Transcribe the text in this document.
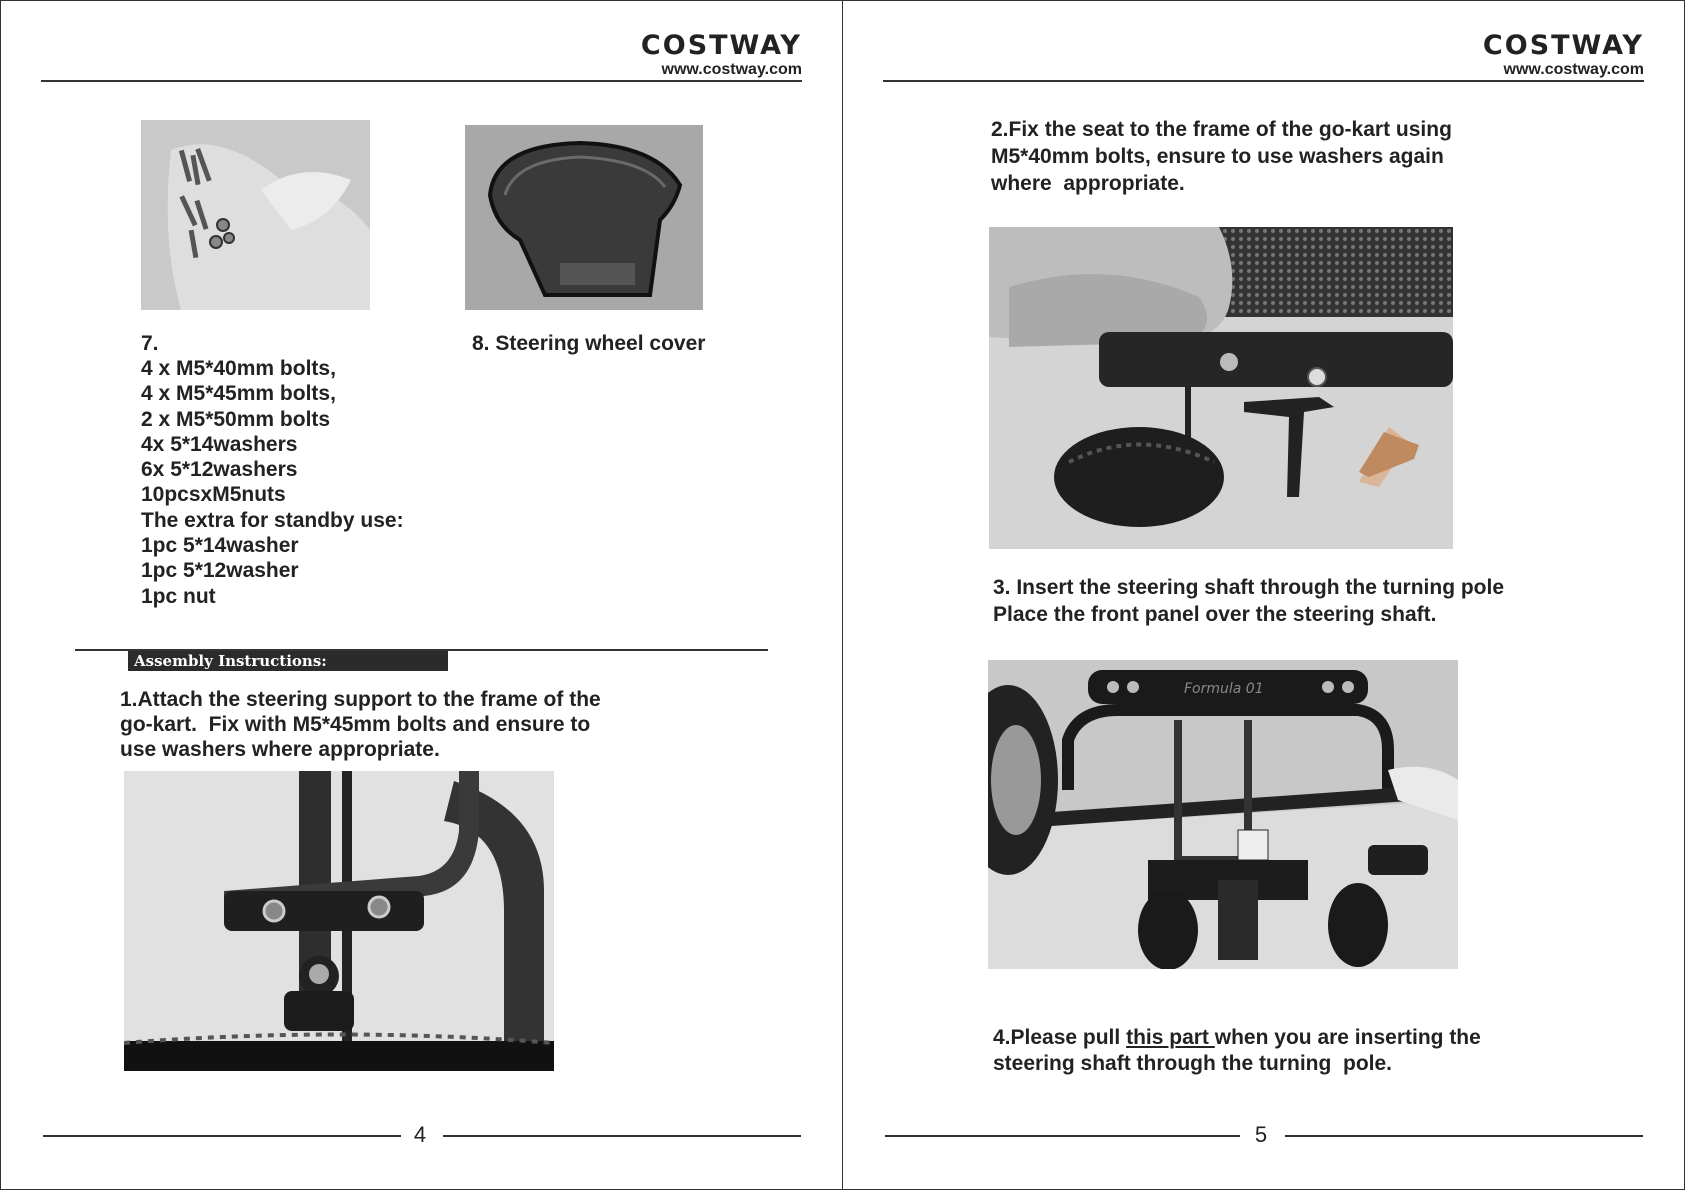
COSTWAY
www.costway.com
7.
4 x M5*40mm bolts,
4 x M5*45mm bolts,
2 x M5*50mm bolts
4x 5*14washers
6x 5*12washers
10pcsxM5nuts
The extra for standby use:
1pc 5*14washer
1pc 5*12washer
1pc nut
8. Steering wheel cover
Assembly Instructions:
1.Attach the steering support to the frame of the
go-kart.  Fix with M5*45mm bolts and ensure to
use washers where appropriate.
4
COSTWAY
www.costway.com
2.Fix the seat to the frame of the go-kart using
M5*40mm bolts, ensure to use washers again
where  appropriate.
3. Insert the steering shaft through the turning pole
Place the front panel over the steering shaft.
Formula 01
4.Please pull this part when you are inserting the
steering shaft through the turning  pole.
5
